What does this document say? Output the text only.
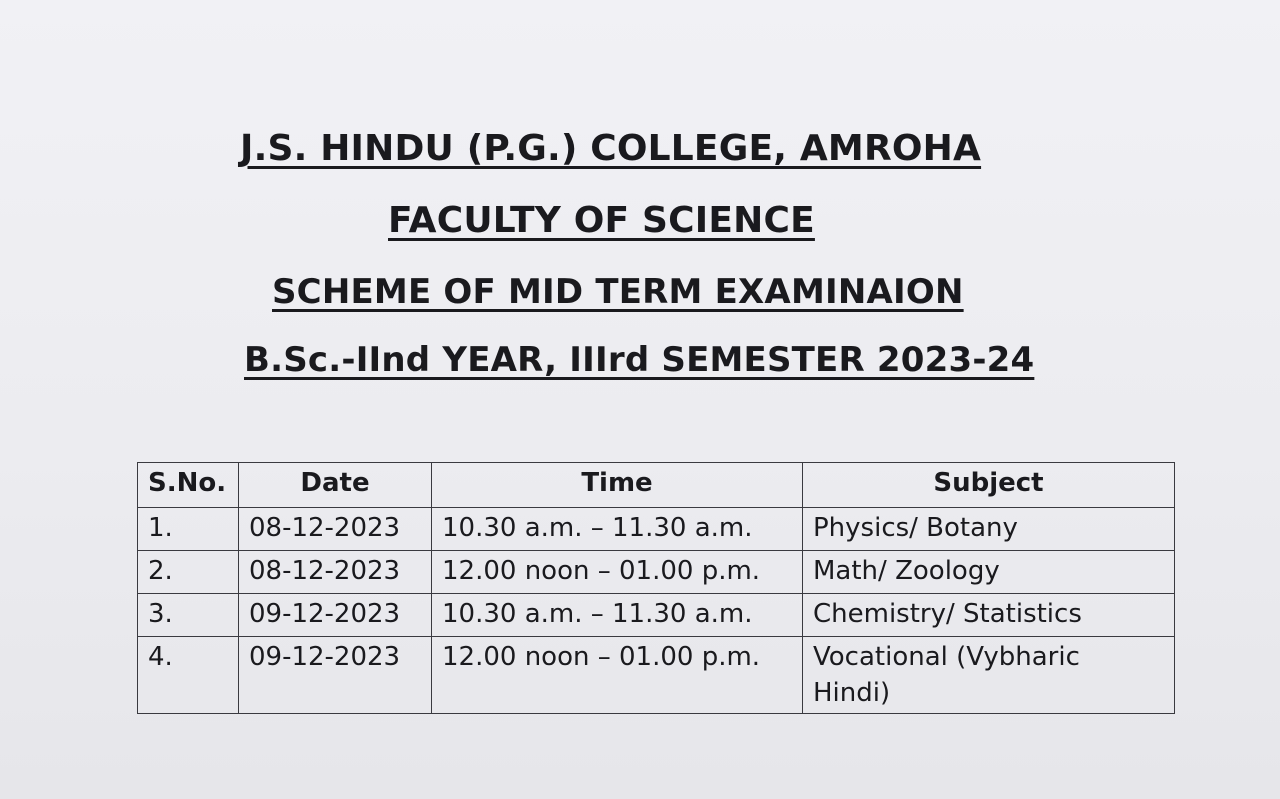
J.S. HINDU (P.G.) COLLEGE, AMROHA
FACULTY OF SCIENCE
SCHEME OF MID TERM EXAMINAION
B.Sc.-IInd YEAR, IIIrd SEMESTER 2023-24
S.No.	Date	Time	Subject
1.	08-12-2023	10.30 a.m. – 11.30 a.m.	Physics/ Botany
2.	08-12-2023	12.00 noon – 01.00 p.m.	Math/ Zoology
3.	09-12-2023	10.30 a.m. – 11.30 a.m.	Chemistry/ Statistics
4.	09-12-2023	12.00 noon – 01.00 p.m.	Vocational (Vybharic Hindi)
